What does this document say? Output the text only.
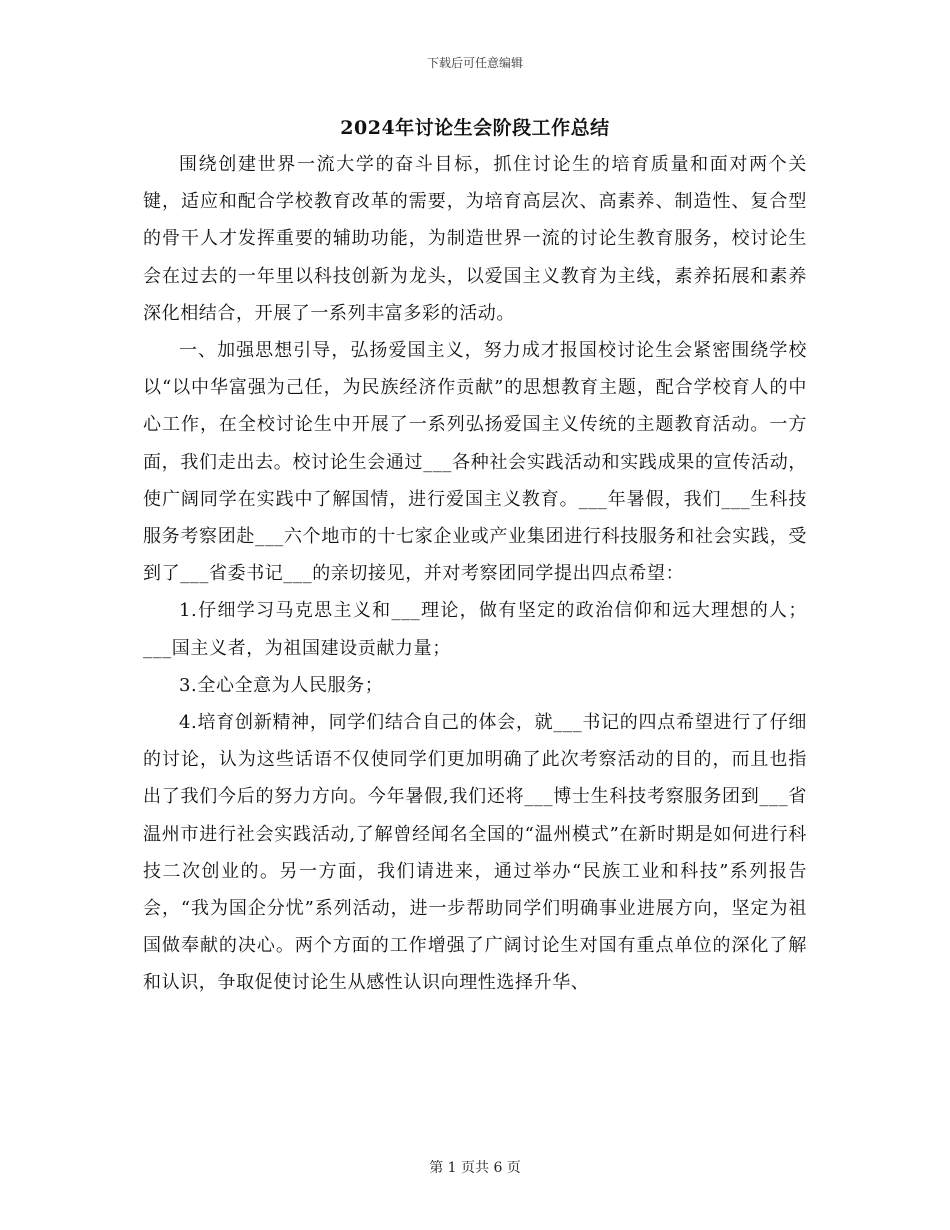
下载后可任意编辑
2024年讨论生会阶段工作总结

围绕创建世界一流大学的奋斗目标，抓住讨论生的培育质量和面对两个关键，适应和配合学校教育改革的需要，为培育高层次、高素养、制造性、复合型的骨干人才发挥重要的辅助功能，为制造世界一流的讨论生教育服务，校讨论生会在过去的一年里以科技创新为龙头，以爱国主义教育为主线，素养拓展和素养深化相结合，开展了一系列丰富多彩的活动。

一、加强思想引导，弘扬爱国主义，努力成才报国校讨论生会紧密围绕学校以“以中华富强为己任，为民族经济作贡献”的思想教育主题，配合学校育人的中心工作，在全校讨论生中开展了一系列弘扬爱国主义传统的主题教育活动。一方面，我们走出去。校讨论生会通过___各种社会实践活动和实践成果的宣传活动，使广阔同学在实践中了解国情，进行爱国主义教育。___年暑假，我们___生科技服务考察团赴___六个地市的十七家企业或产业集团进行科技服务和社会实践，受到了___省委书记___的亲切接见，并对考察团同学提出四点希望：

1.仔细学习马克思主义和___理论，做有坚定的政治信仰和远大理想的人；___国主义者，为祖国建设贡献力量；

3.全心全意为人民服务；

4.培育创新精神，同学们结合自己的体会，就___书记的四点希望进行了仔细的讨论，认为这些话语不仅使同学们更加明确了此次考察活动的目的，而且也指出了我们今后的努力方向。今年暑假,我们还将___博士生科技考察服务团到___省温州市进行社会实践活动,了解曾经闻名全国的“温州模式”在新时期是如何进行科技二次创业的。另一方面，我们请进来，通过举办“民族工业和科技”系列报告会，“我为国企分忧”系列活动，进一步帮助同学们明确事业进展方向，坚定为祖国做奉献的决心。两个方面的工作增强了广阔讨论生对国有重点单位的深化了解和认识，争取促使讨论生从感性认识向理性选择升华、

第 1 页共 6 页
